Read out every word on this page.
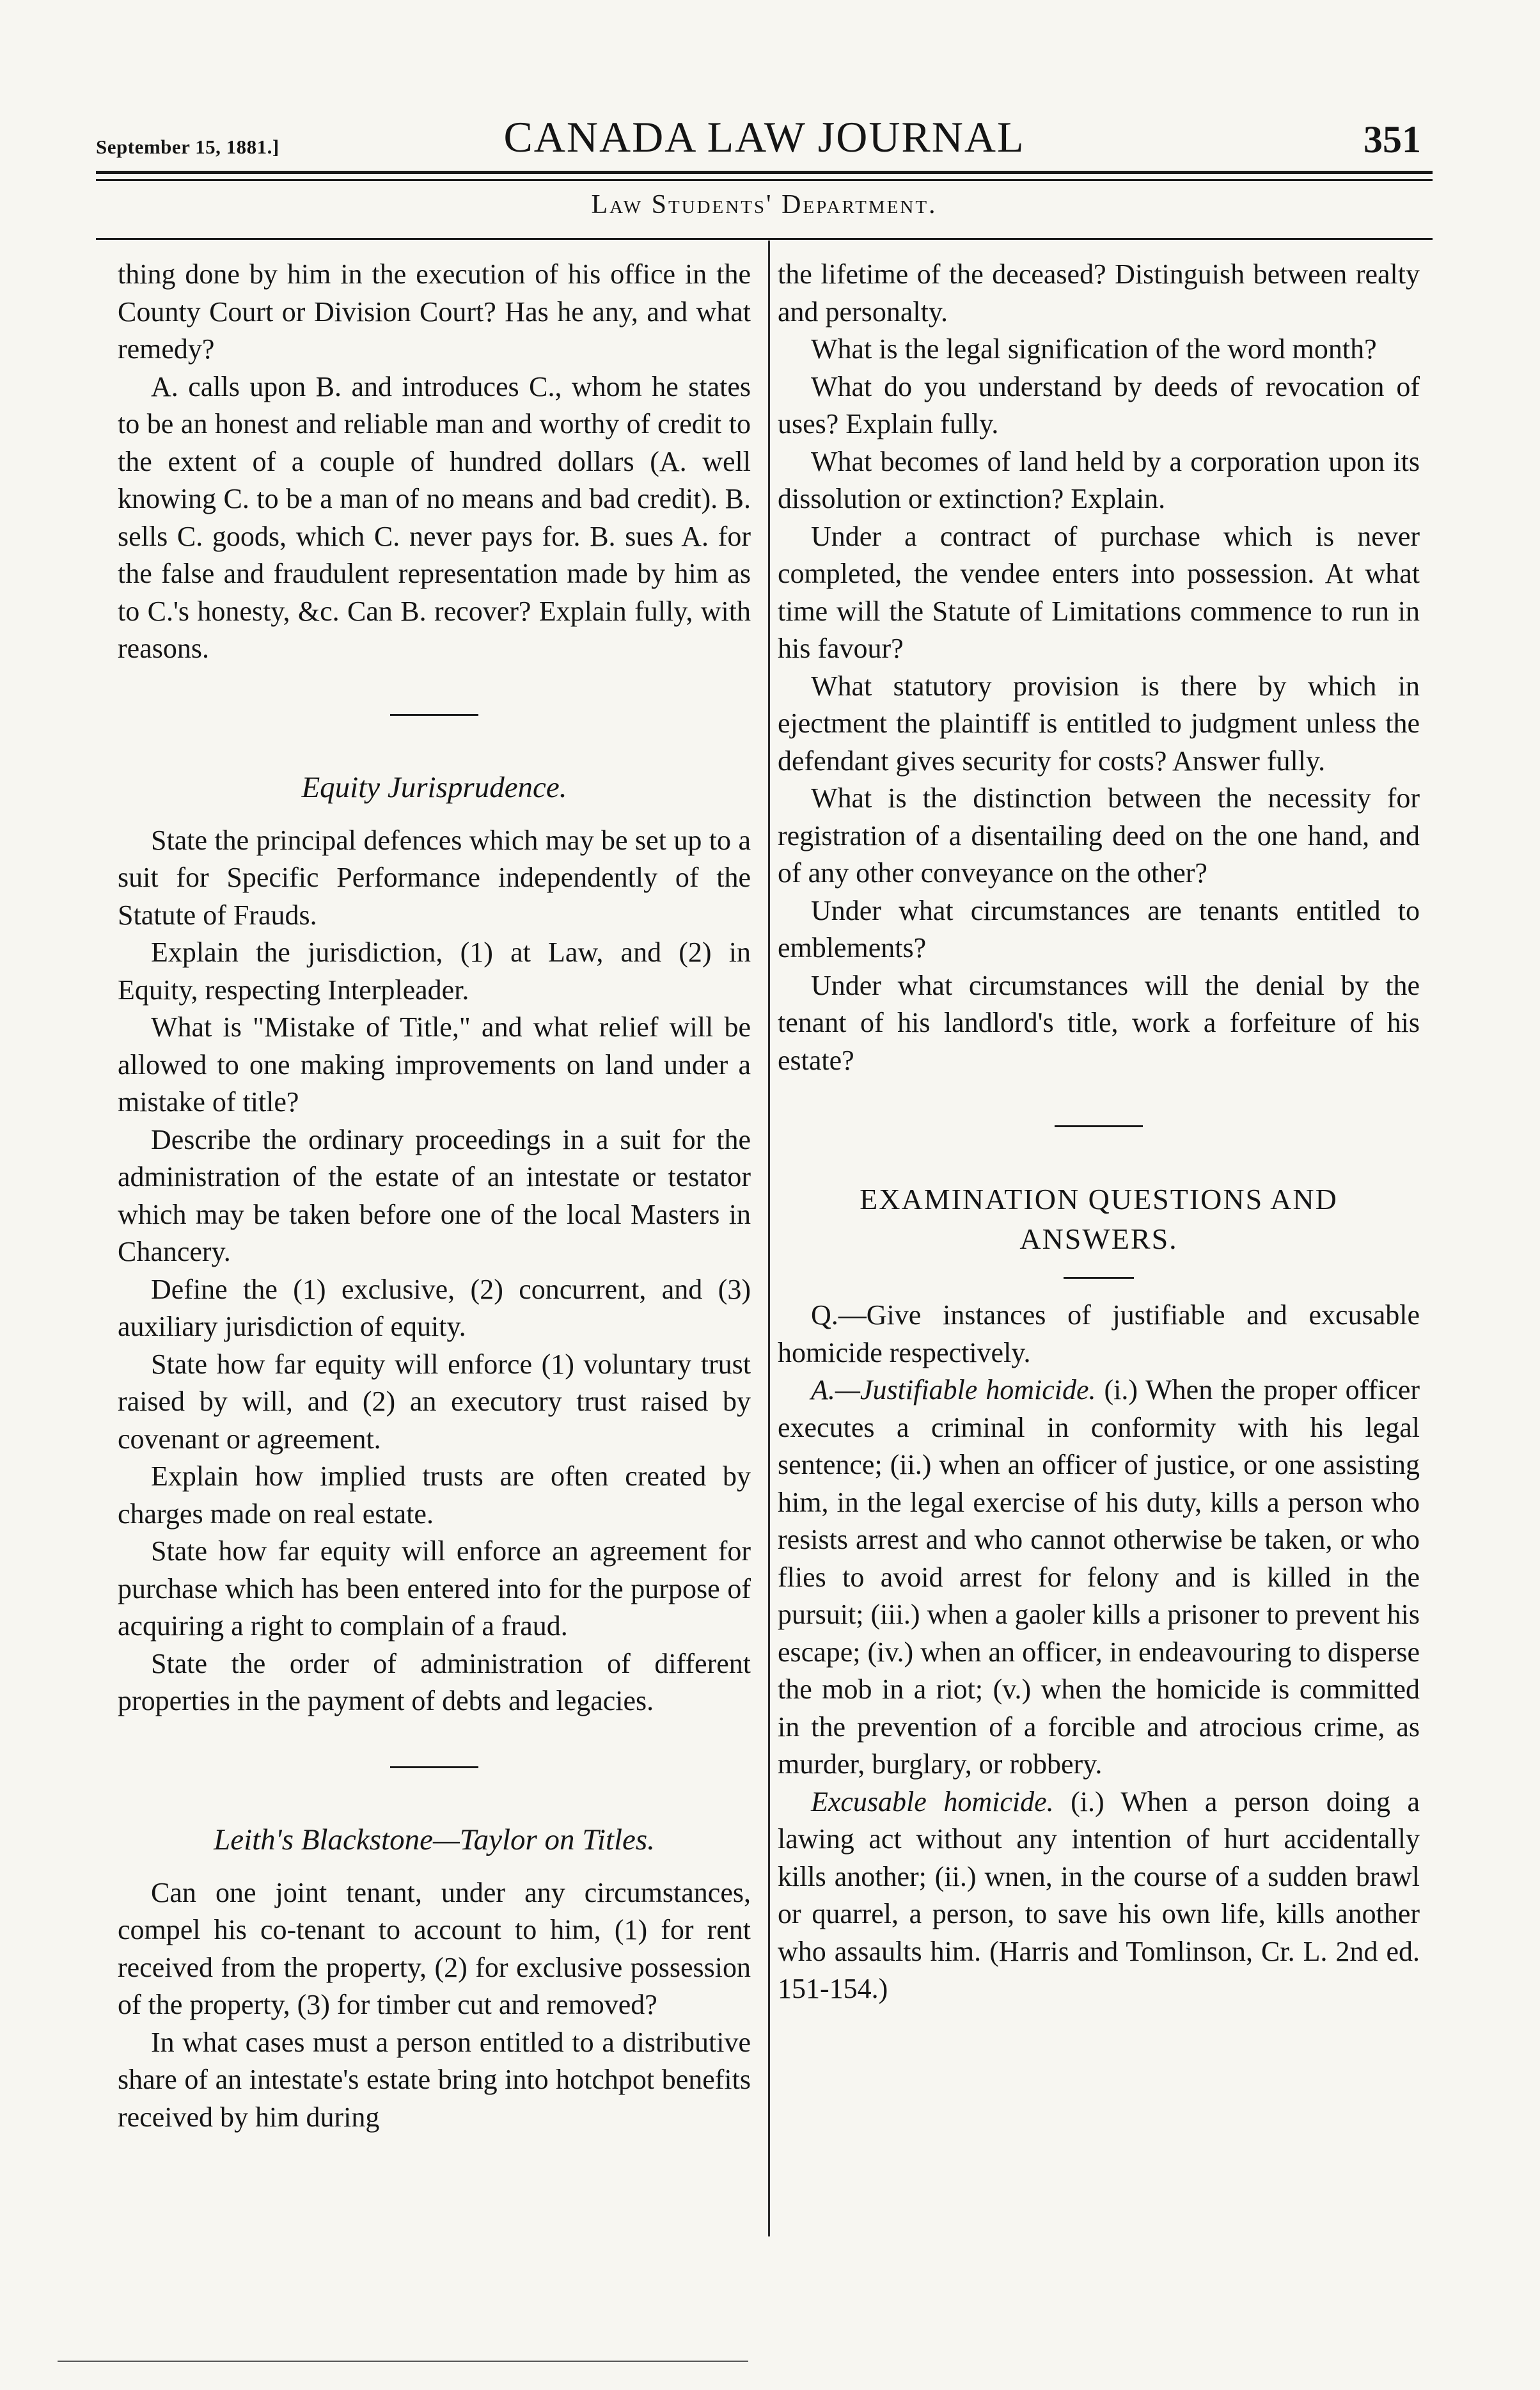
September 15, 1881.]	CANADA LAW JOURNAL	351
Law Students' Department.

thing done by him in the execution of his office in the County Court or Division Court? Has he any, and what remedy?

A. calls upon B. and introduces C., whom he states to be an honest and reliable man and worthy of credit to the extent of a couple of hundred dollars (A. well knowing C. to be a man of no means and bad credit). B. sells C. goods, which C. never pays for. B. sues A. for the false and fraudulent representation made by him as to C.'s honesty, &c. Can B. recover? Explain fully, with reasons.

Equity Jurisprudence.

State the principal defences which may be set up to a suit for Specific Performance independently of the Statute of Frauds.

Explain the jurisdiction, (1) at Law, and (2) in Equity, respecting Interpleader.

What is "Mistake of Title," and what relief will be allowed to one making improvements on land under a mistake of title?

Describe the ordinary proceedings in a suit for the administration of the estate of an intestate or testator which may be taken before one of the local Masters in Chancery.

Define the (1) exclusive, (2) concurrent, and (3) auxiliary jurisdiction of equity.

State how far equity will enforce (1) voluntary trust raised by will, and (2) an executory trust raised by covenant or agreement.

Explain how implied trusts are often created by charges made on real estate.

State how far equity will enforce an agreement for purchase which has been entered into for the purpose of acquiring a right to complain of a fraud.

State the order of administration of different properties in the payment of debts and legacies.

Leith's Blackstone—Taylor on Titles.

Can one joint tenant, under any circumstances, compel his co-tenant to account to him, (1) for rent received from the property, (2) for exclusive possession of the property, (3) for timber cut and removed?

In what cases must a person entitled to a distributive share of an intestate's estate bring into hotchpot benefits received by him during

the lifetime of the deceased? Distinguish between realty and personalty.

What is the legal signification of the word month?

What do you understand by deeds of revocation of uses? Explain fully.

What becomes of land held by a corporation upon its dissolution or extinction? Explain.

Under a contract of purchase which is never completed, the vendee enters into possession. At what time will the Statute of Limitations commence to run in his favour?

What statutory provision is there by which in ejectment the plaintiff is entitled to judgment unless the defendant gives security for costs? Answer fully.

What is the distinction between the necessity for registration of a disentailing deed on the one hand, and of any other conveyance on the other?

Under what circumstances are tenants entitled to emblements?

Under what circumstances will the denial by the tenant of his landlord's title, work a forfeiture of his estate?

EXAMINATION QUESTIONS AND
ANSWERS.

Q.—Give instances of justifiable and excusable homicide respectively.

A.—Justifiable homicide. (i.) When the proper officer executes a criminal in conformity with his legal sentence; (ii.) when an officer of justice, or one assisting him, in the legal exercise of his duty, kills a person who resists arrest and who cannot otherwise be taken, or who flies to avoid arrest for felony and is killed in the pursuit; (iii.) when a gaoler kills a prisoner to prevent his escape; (iv.) when an officer, in endeavouring to disperse the mob in a riot; (v.) when the homicide is committed in the prevention of a forcible and atrocious crime, as murder, burglary, or robbery.

Excusable homicide. (i.) When a person doing a lawing act without any intention of hurt accidentally kills another; (ii.) wnen, in the course of a sudden brawl or quarrel, a person, to save his own life, kills another who assaults him. (Harris and Tomlinson, Cr. L. 2nd ed. 151-154.)
